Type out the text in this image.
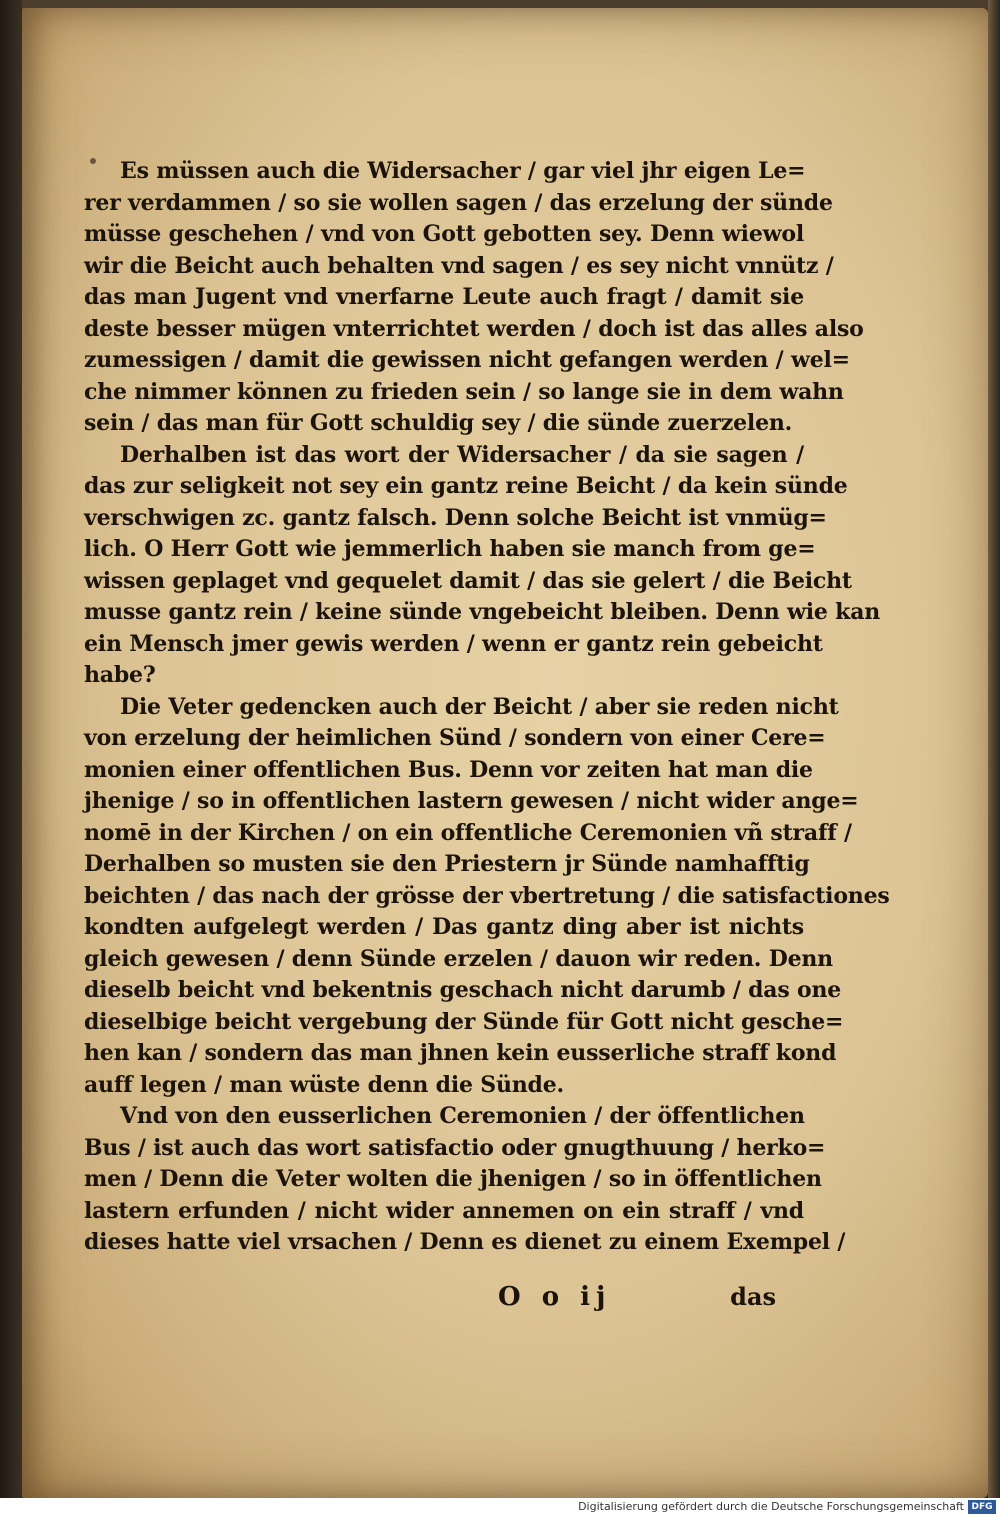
Es müssen auch die Widersacher / gar viel jhr eigen Le=
rer verdammen / so sie wollen sagen / das erzelung der sünde
müsse geschehen / vnd von Gott gebotten sey. Denn wiewol
wir die Beicht auch behalten vnd sagen / es sey nicht vnnütz /
das man Jugent vnd vnerfarne Leute auch fragt / damit sie
deste besser mügen vnterrichtet werden / doch ist das alles also
zumessigen / damit die gewissen nicht gefangen werden / wel=
che nimmer können zu frieden sein / so lange sie in dem wahn
sein / das man für Gott schuldig sey / die sünde zuerzelen.
Derhalben ist das wort der Widersacher / da sie sagen /
das zur seligkeit not sey ein gantz reine Beicht / da kein sünde
verschwigen zc. gantz falsch. Denn solche Beicht ist vnmüg=
lich. O Herr Gott wie jemmerlich haben sie manch from ge=
wissen geplaget vnd gequelet damit / das sie gelert / die Beicht
musse gantz rein / keine sünde vngebeicht bleiben. Denn wie kan
ein Mensch jmer gewis werden / wenn er gantz rein gebeicht
habe?
Die Veter gedencken auch der Beicht / aber sie reden nicht
von erzelung der heimlichen Sünd / sondern von einer Cere=
monien einer offentlichen Bus. Denn vor zeiten hat man die
jhenige / so in offentlichen lastern gewesen / nicht wider ange=
nomē in der Kirchen / on ein offentliche Ceremonien vñ straff /
Derhalben so musten sie den Priestern jr Sünde namhafftig
beichten / das nach der grösse der vbertretung / die satisfactiones
kondten aufgelegt werden / Das gantz ding aber ist nichts
gleich gewesen / denn Sünde erzelen / dauon wir reden. Denn
dieselb beicht vnd bekentnis geschach nicht darumb / das one
dieselbige beicht vergebung der Sünde für Gott nicht gesche=
hen kan / sondern das man jhnen kein eusserliche straff kond
auff legen / man wüste denn die Sünde.
Vnd von den eusserlichen Ceremonien / der öffentlichen
Bus / ist auch das wort satisfactio oder gnugthuung / herko=
men / Denn die Veter wolten die jhenigen / so in öffentlichen
lastern erfunden / nicht wider annemen on ein straff / vnd
dieses hatte viel vrsachen / Denn es dienet zu einem Exempel /
O o ij	das
Digitalisierung gefördert durch die Deutsche Forschungsgemeinschaft DFG
